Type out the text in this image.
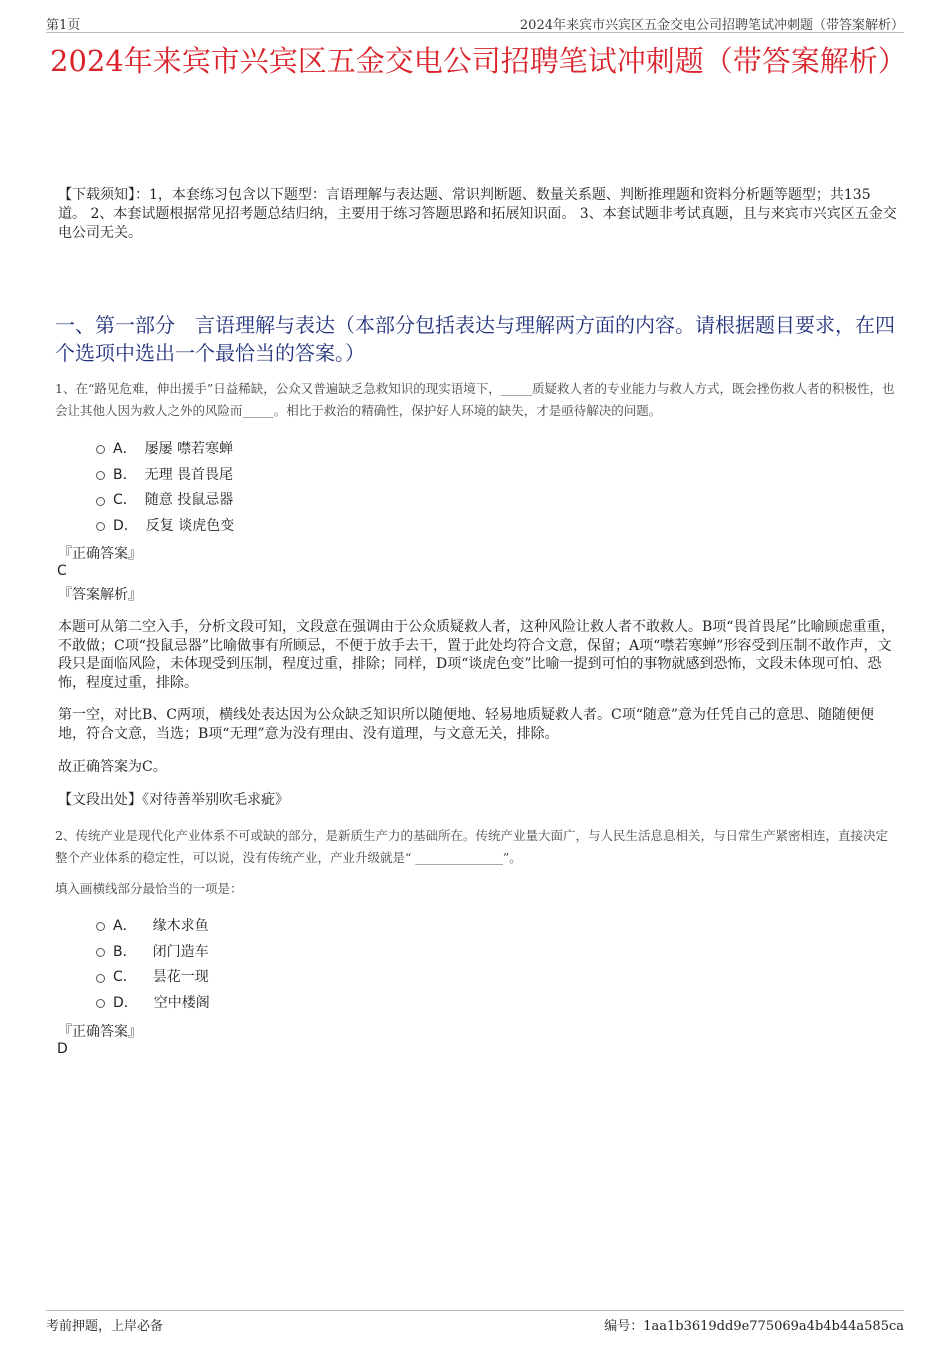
第1页	2024年来宾市兴宾区五金交电公司招聘笔试冲刺题（带答案解析）
2024年来宾市兴宾区五金交电公司招聘笔试冲刺题（带答案解析）
【下载须知】：1，本套练习包含以下题型：言语理解与表达题、常识判断题、数量关系题、判断推理题和资料分析题等题型；共135道。 2、本套试题根据常见招考题总结归纳，主要用于练习答题思路和拓展知识面。 3、本套试题非考试真题，且与来宾市兴宾区五金交电公司无关。
一、第一部分　言语理解与表达（本部分包括表达与理解两方面的内容。请根据题目要求，在四个选项中选出一个最恰当的答案。）
1、在“路见危难，伸出援手”日益稀缺，公众又普遍缺乏急救知识的现实语境下，_____质疑救人者的专业能力与救人方式，既会挫伤救人者的积极性，也会让其他人因为救人之外的风险而_____。相比于救治的精确性，保护好人环境的缺失，才是亟待解决的问题。
A． 屡屡 噤若寒蝉
B． 无理 畏首畏尾
C． 随意 投鼠忌器
D． 反复 谈虎色变
『正确答案』
C
『答案解析』
本题可从第二空入手，分析文段可知，文段意在强调由于公众质疑救人者，这种风险让救人者不敢救人。B项“畏首畏尾”比喻顾虑重重，不敢做；C项“投鼠忌器”比喻做事有所顾忌，不便于放手去干，置于此处均符合文意，保留；A项“噤若寒蝉”形容受到压制不敢作声，文段只是面临风险，未体现受到压制，程度过重，排除；同样，D项“谈虎色变”比喻一提到可怕的事物就感到恐怖，文段未体现可怕、恐怖，程度过重，排除。
第一空，对比B、C两项，横线处表达因为公众缺乏知识所以随便地、轻易地质疑救人者。C项“随意”意为任凭自己的意思、随随便便地，符合文意，当选；B项“无理”意为没有理由、没有道理，与文意无关，排除。
故正确答案为C。
【文段出处】《对待善举别吹毛求疵》
2、传统产业是现代化产业体系不可或缺的部分，是新质生产力的基础所在。传统产业量大面广，与人民生活息息相关，与日常生产紧密相连，直接决定整个产业体系的稳定性，可以说，没有传统产业，产业升级就是“ ______________”。
填入画横线部分最恰当的一项是：
A． 缘木求鱼
B． 闭门造车
C． 昙花一现
D． 空中楼阁
『正确答案』
D
考前押题，上岸必备	编号：1aa1b3619dd9e775069a4b4b44a585ca
